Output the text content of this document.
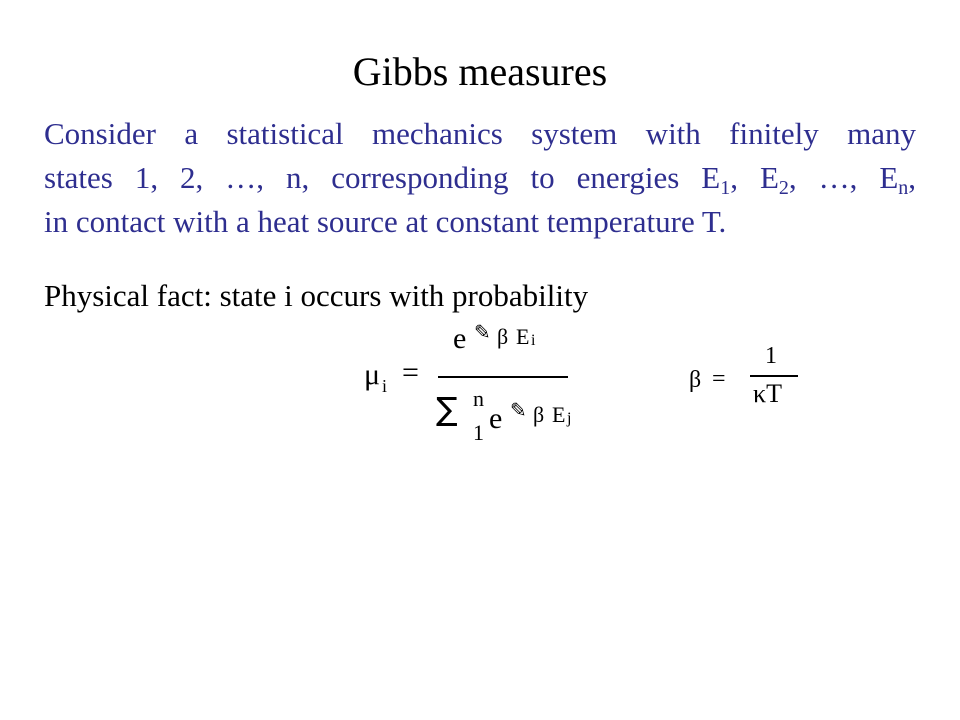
Gibbs measures
Consider a statistical mechanics system with finitely many
states 1, 2, …, n, corresponding to energies $E_1$, $E_2$, …, $E_n$,
in contact with a heat source at constant temperature T.
Physical fact: state i occurs with probability
μ i =
e ✎ β E i
∑ n
1 e ✎ β E j
β =
1
κT
